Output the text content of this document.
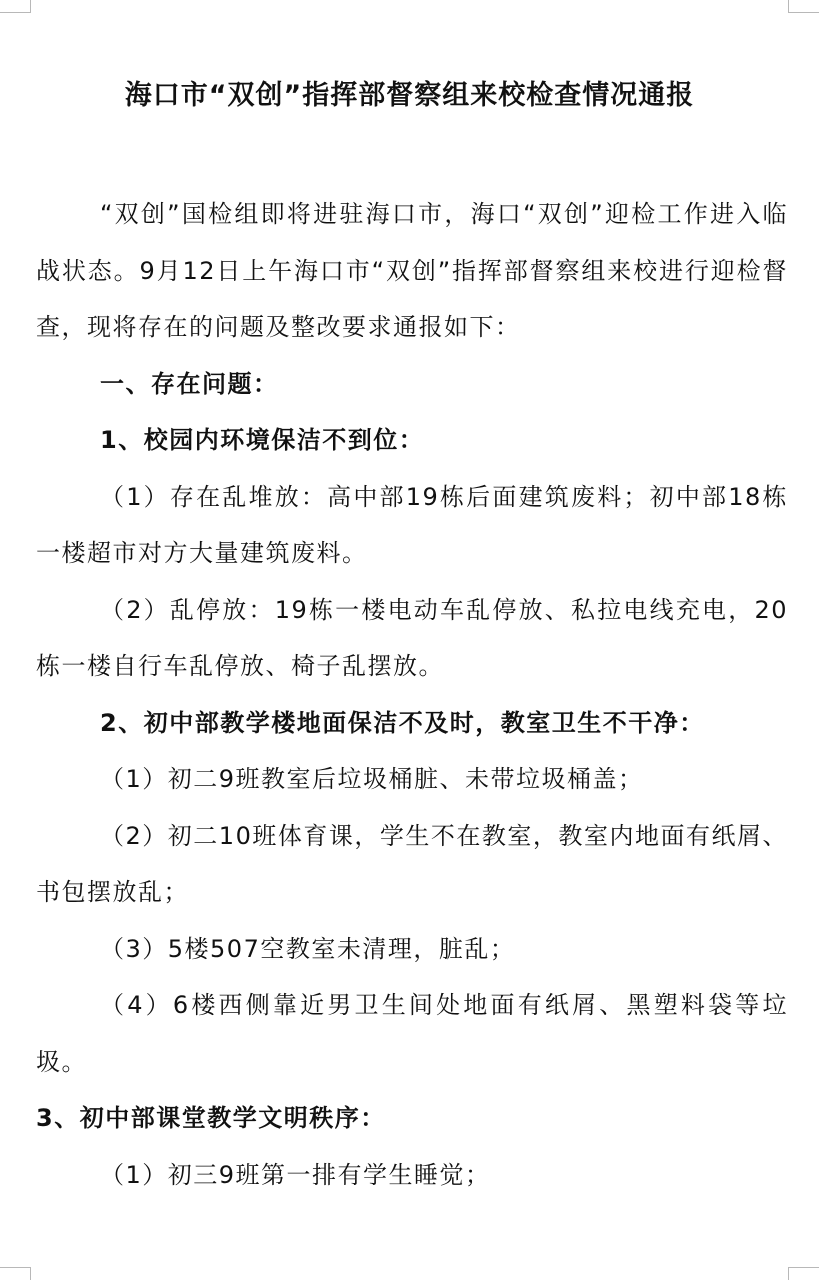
海口市“双创”指挥部督察组来校检查情况通报

“双创”国检组即将进驻海口市，海口“双创”迎检工作进入临战状态。9月12日上午海口市“双创”指挥部督察组来校进行迎检督查，现将存在的问题及整改要求通报如下：

一、存在问题：

1、校园内环境保洁不到位：

（1）存在乱堆放：高中部19栋后面建筑废料；初中部18栋一楼超市对方大量建筑废料。

（2）乱停放：19栋一楼电动车乱停放、私拉电线充电，20栋一楼自行车乱停放、椅子乱摆放。

2、初中部教学楼地面保洁不及时，教室卫生不干净：

（1）初二9班教室后垃圾桶脏、未带垃圾桶盖；

（2）初二10班体育课，学生不在教室，教室内地面有纸屑、书包摆放乱；

（3）5楼507空教室未清理，脏乱；

（4）6楼西侧靠近男卫生间处地面有纸屑、黑塑料袋等垃圾。

3、初中部课堂教学文明秩序：

（1）初三9班第一排有学生睡觉；
